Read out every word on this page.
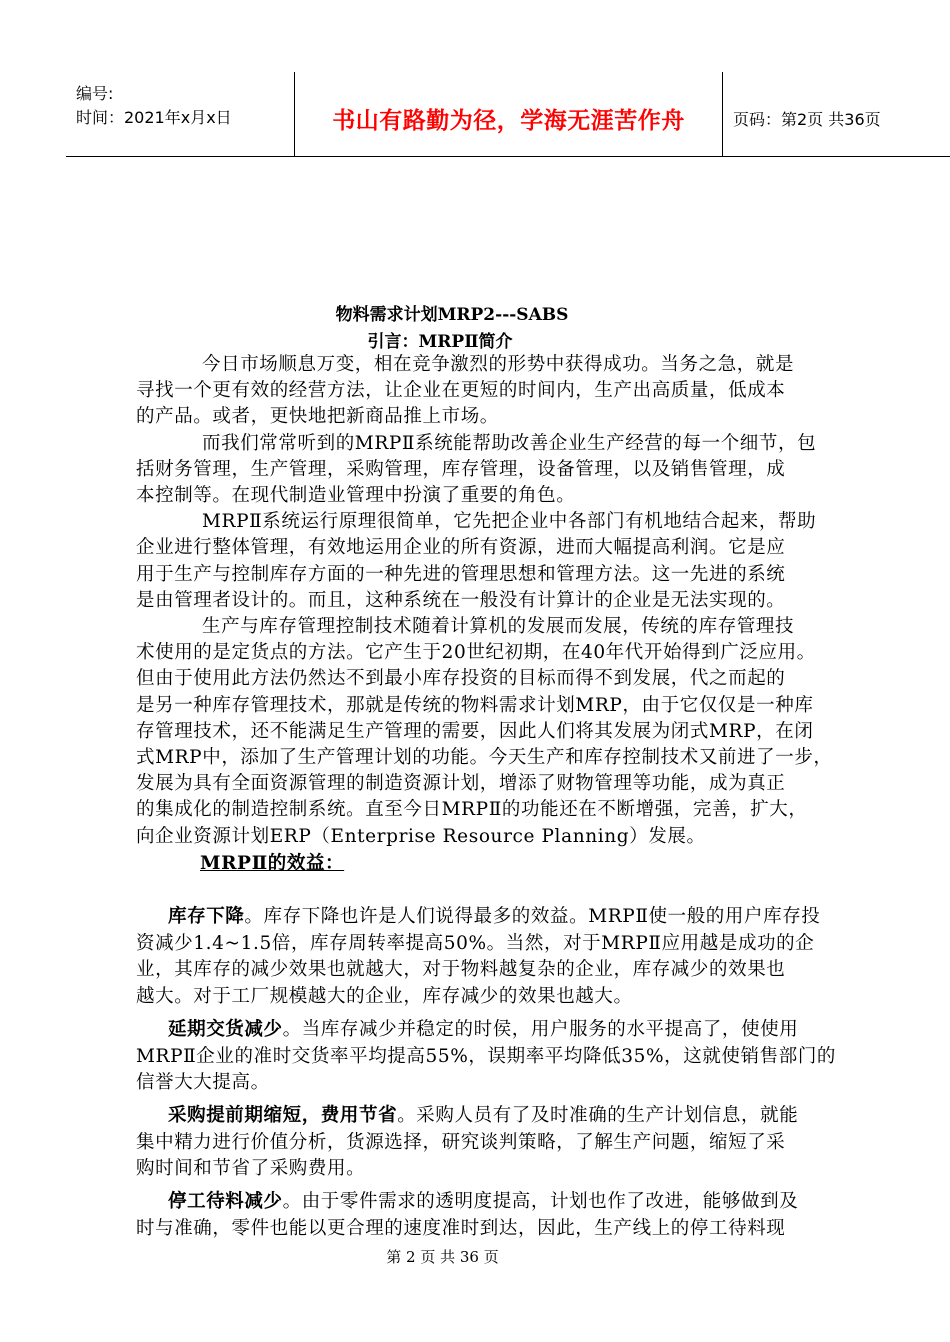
编号:
时间：2021年x月x日	书山有路勤为径，学海无涯苦作舟	页码：第2页 共36页
物料需求计划MRP2---SABS
引言：MRPⅡ简介
今日市场顺息万变，相在竞争激烈的形势中获得成功。当务之急，就是
寻找一个更有效的经营方法，让企业在更短的时间内，生产出高质量，低成本
的产品。或者，更快地把新商品推上市场。
而我们常常听到的MRPⅡ系统能帮助改善企业生产经营的每一个细节，包
括财务管理，生产管理，采购管理，库存管理，设备管理，以及销售管理，成
本控制等。在现代制造业管理中扮演了重要的角色。
MRPⅡ系统运行原理很简单，它先把企业中各部门有机地结合起来，帮助
企业进行整体管理，有效地运用企业的所有资源，进而大幅提高利润。它是应
用于生产与控制库存方面的一种先进的管理思想和管理方法。这一先进的系统
是由管理者设计的。而且，这种系统在一般没有计算计的企业是无法实现的。
生产与库存管理控制技术随着计算机的发展而发展，传统的库存管理技
术使用的是定货点的方法。它产生于20世纪初期，在40年代开始得到广泛应用。
但由于使用此方法仍然达不到最小库存投资的目标而得不到发展，代之而起的
是另一种库存管理技术，那就是传统的物料需求计划MRP，由于它仅仅是一种库
存管理技术，还不能满足生产管理的需要，因此人们将其发展为闭式MRP，在闭
式MRP中，添加了生产管理计划的功能。今天生产和库存控制技术又前进了一步，
发展为具有全面资源管理的制造资源计划，增添了财物管理等功能，成为真正
的集成化的制造控制系统。直至今日MRPⅡ的功能还在不断增强，完善，扩大，
向企业资源计划ERP（Enterprise Resource Planning）发展。
MRPⅡ的效益：
库存下降。库存下降也许是人们说得最多的效益。MRPⅡ使一般的用户库存投
资减少1.4~1.5倍，库存周转率提高50%。当然，对于MRPⅡ应用越是成功的企
业，其库存的减少效果也就越大，对于物料越复杂的企业，库存减少的效果也
越大。对于工厂规模越大的企业，库存减少的效果也越大。
延期交货减少。当库存减少并稳定的时侯，用户服务的水平提高了，使使用
MRPⅡ企业的准时交货率平均提高55%，误期率平均降低35%，这就使销售部门的
信誉大大提高。
采购提前期缩短，费用节省。采购人员有了及时准确的生产计划信息，就能
集中精力进行价值分析，货源选择，研究谈判策略，了解生产问题，缩短了采
购时间和节省了采购费用。
停工待料减少。由于零件需求的透明度提高，计划也作了改进，能够做到及
时与准确，零件也能以更合理的速度准时到达，因此，生产线上的停工待料现
第 2 页 共 36 页
